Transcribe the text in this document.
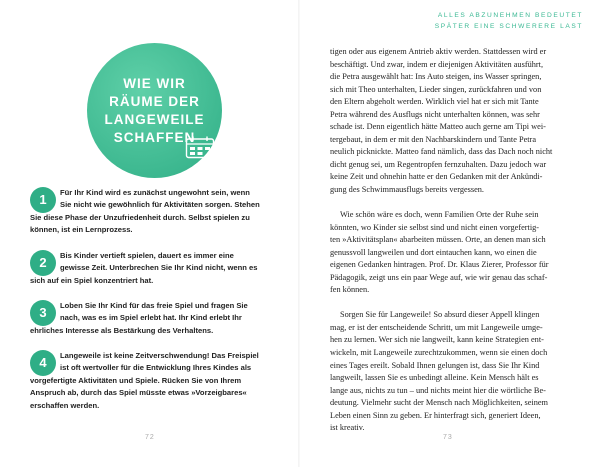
WIE WIR
RÄUME DER
LANGEWEILE
SCHAFFEN
1	Für Ihr Kind wird es zunächst ungewohnt sein, wenn
Sie nicht wie gewöhnlich für Aktivitäten sorgen. Stehen
Sie diese Phase der Unzufriedenheit durch. Selbst spielen zu
können, ist ein Lernprozess.

2	Bis Kinder vertieft spielen, dauert es immer eine
gewisse Zeit. Unterbrechen Sie Ihr Kind nicht, wenn es
sich auf ein Spiel konzentriert hat.

3	Loben Sie Ihr Kind für das freie Spiel und fragen Sie
nach, was es im Spiel erlebt hat. Ihr Kind erlebt Ihr
ehrliches Interesse als Bestärkung des Verhaltens.

4	Langeweile ist keine Zeitverschwendung! Das Freispiel
ist oft wertvoller für die Entwicklung Ihres Kindes als
vorgefertigte Aktivitäten und Spiele. Rücken Sie von Ihrem
Anspruch ab, durch das Spiel müsste etwas »Vorzeigbares«
erschaffen werden.

72
ALLES ABZUNEHMEN BEDEUTET
SPÄTER EINE SCHWERERE LAST

tigen oder aus eigenem Antrieb aktiv werden. Stattdessen wird er
beschäftigt. Und zwar, indem er diejenigen Aktivitäten ausführt,
die Petra ausgewählt hat: Ins Auto steigen, ins Wasser springen,
sich mit Theo unterhalten, Lieder singen, zurückfahren und von
den Eltern abgeholt werden. Wirklich viel hat er sich mit Tante
Petra während des Ausflugs nicht unterhalten können, was sehr
schade ist. Denn eigentlich hätte Matteo auch gerne am Tipi wei-
tergebaut, in dem er mit den Nachbarskindern und Tante Petra
neulich picknickte. Matteo fand nämlich, dass das Dach noch nicht
dicht genug sei, um Regentropfen fernzuhalten. Dazu jedoch war
keine Zeit und ohnehin hatte er den Gedanken mit der Ankündi-
gung des Schwimmausflugs bereits vergessen.

Wie schön wäre es doch, wenn Familien Orte der Ruhe sein
könnten, wo Kinder sie selbst sind und nicht einen vorgefertig-
ten »Aktivitätsplan« abarbeiten müssen. Orte, an denen man sich
genussvoll langweilen und dort eintauchen kann, wo einen die
eigenen Gedanken hintragen. Prof. Dr. Klaus Zierer, Professor für
Pädagogik, zeigt uns ein paar Wege auf, wie wir genau das schaf-
fen können.

Sorgen Sie für Langeweile! So absurd dieser Appell klingen
mag, er ist der entscheidende Schritt, um mit Langeweile umge-
hen zu lernen. Wer sich nie langweilt, kann keine Strategien ent-
wickeln, mit Langeweile zurechtzukommen, wenn sie einen doch
eines Tages ereilt. Sobald Ihnen gelungen ist, dass Sie Ihr Kind
langweilt, lassen Sie es unbedingt alleine. Kein Mensch hält es
lange aus, nichts zu tun – und nichts meint hier die wörtliche Be-
deutung. Vielmehr sucht der Mensch nach Möglichkeiten, seinem
Leben einen Sinn zu geben. Er hinterfragt sich, generiert Ideen,
ist kreativ.

73
